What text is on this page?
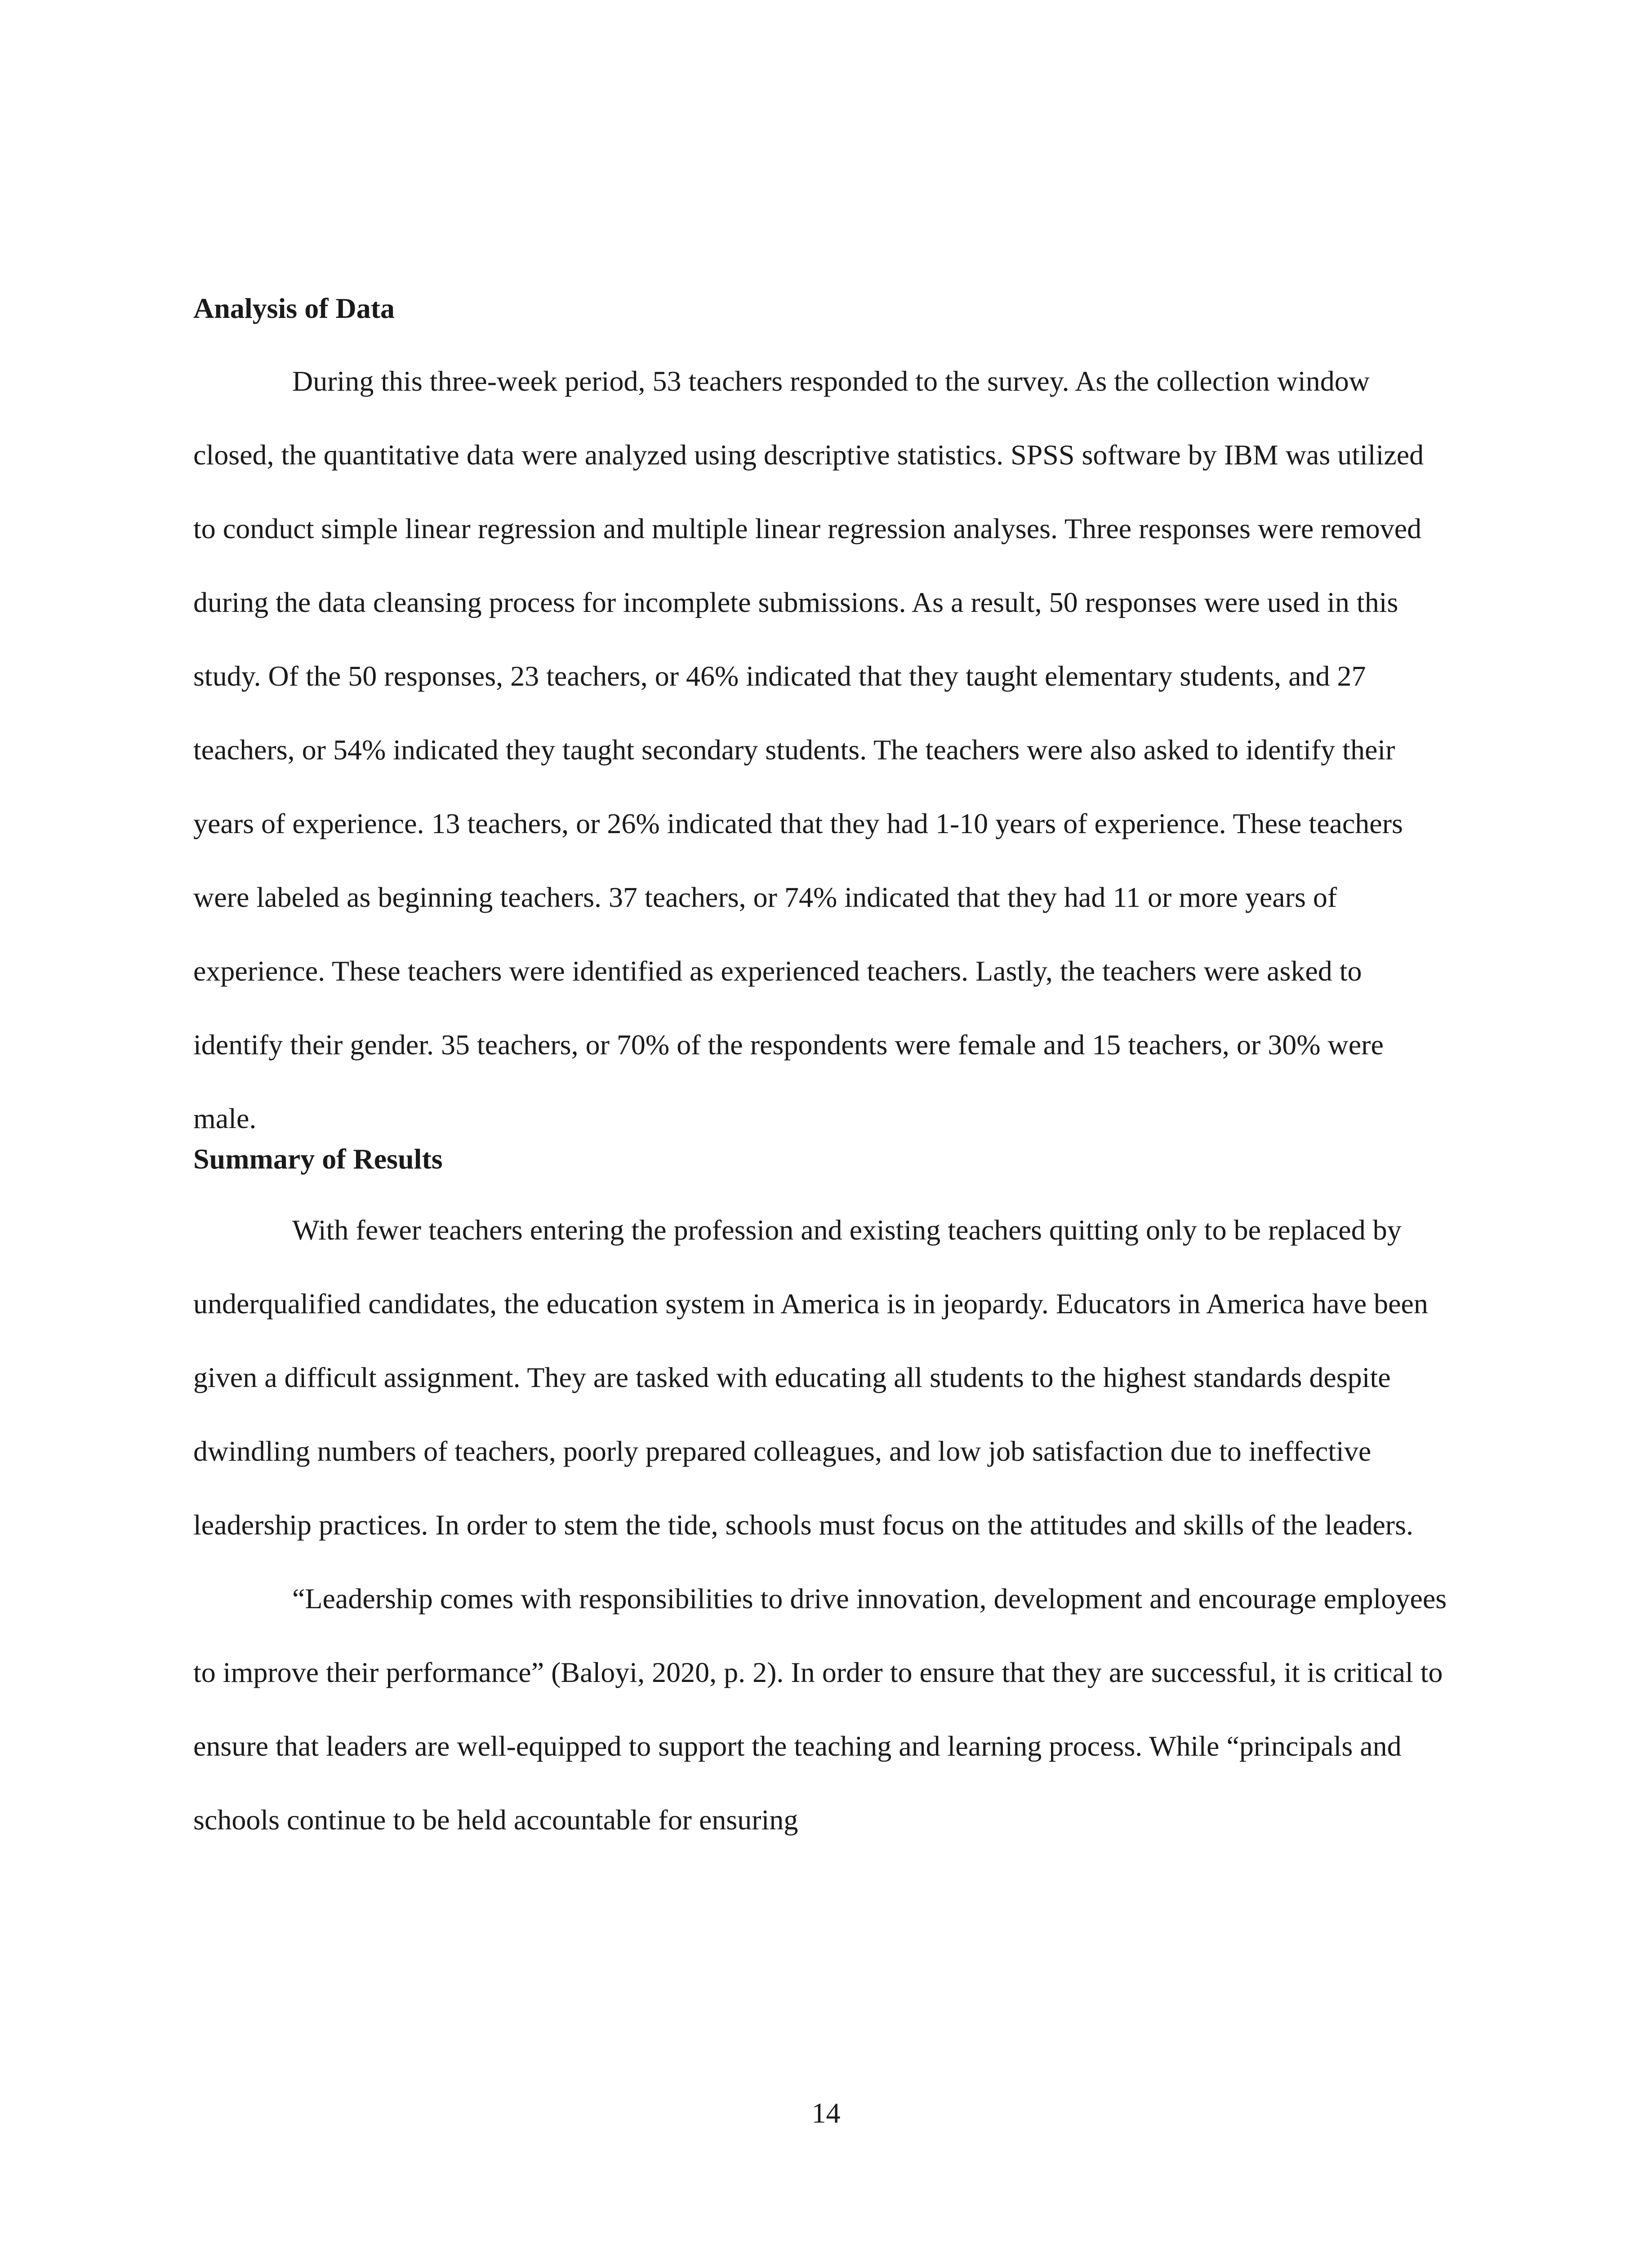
Analysis of Data

During this three-week period, 53 teachers responded to the survey. As the collection window closed, the quantitative data were analyzed using descriptive statistics. SPSS software by IBM was utilized to conduct simple linear regression and multiple linear regression analyses. Three responses were removed during the data cleansing process for incomplete submissions. As a result, 50 responses were used in this study. Of the 50 responses, 23 teachers, or 46% indicated that they taught elementary students, and 27 teachers, or 54% indicated they taught secondary students. The teachers were also asked to identify their years of experience. 13 teachers, or 26% indicated that they had 1-10 years of experience. These teachers were labeled as beginning teachers. 37 teachers, or 74% indicated that they had 11 or more years of experience. These teachers were identified as experienced teachers. Lastly, the teachers were asked to identify their gender. 35 teachers, or 70% of the respondents were female and 15 teachers, or 30% were male.

Summary of Results

With fewer teachers entering the profession and existing teachers quitting only to be replaced by underqualified candidates, the education system in America is in jeopardy. Educators in America have been given a difficult assignment. They are tasked with educating all students to the highest standards despite dwindling numbers of teachers, poorly prepared colleagues, and low job satisfaction due to ineffective leadership practices. In order to stem the tide, schools must focus on the attitudes and skills of the leaders.

“Leadership comes with responsibilities to drive innovation, development and encourage employees to improve their performance” (Baloyi, 2020, p. 2). In order to ensure that they are successful, it is critical to ensure that leaders are well-equipped to support the teaching and learning process. While “principals and schools continue to be held accountable for ensuring

14
